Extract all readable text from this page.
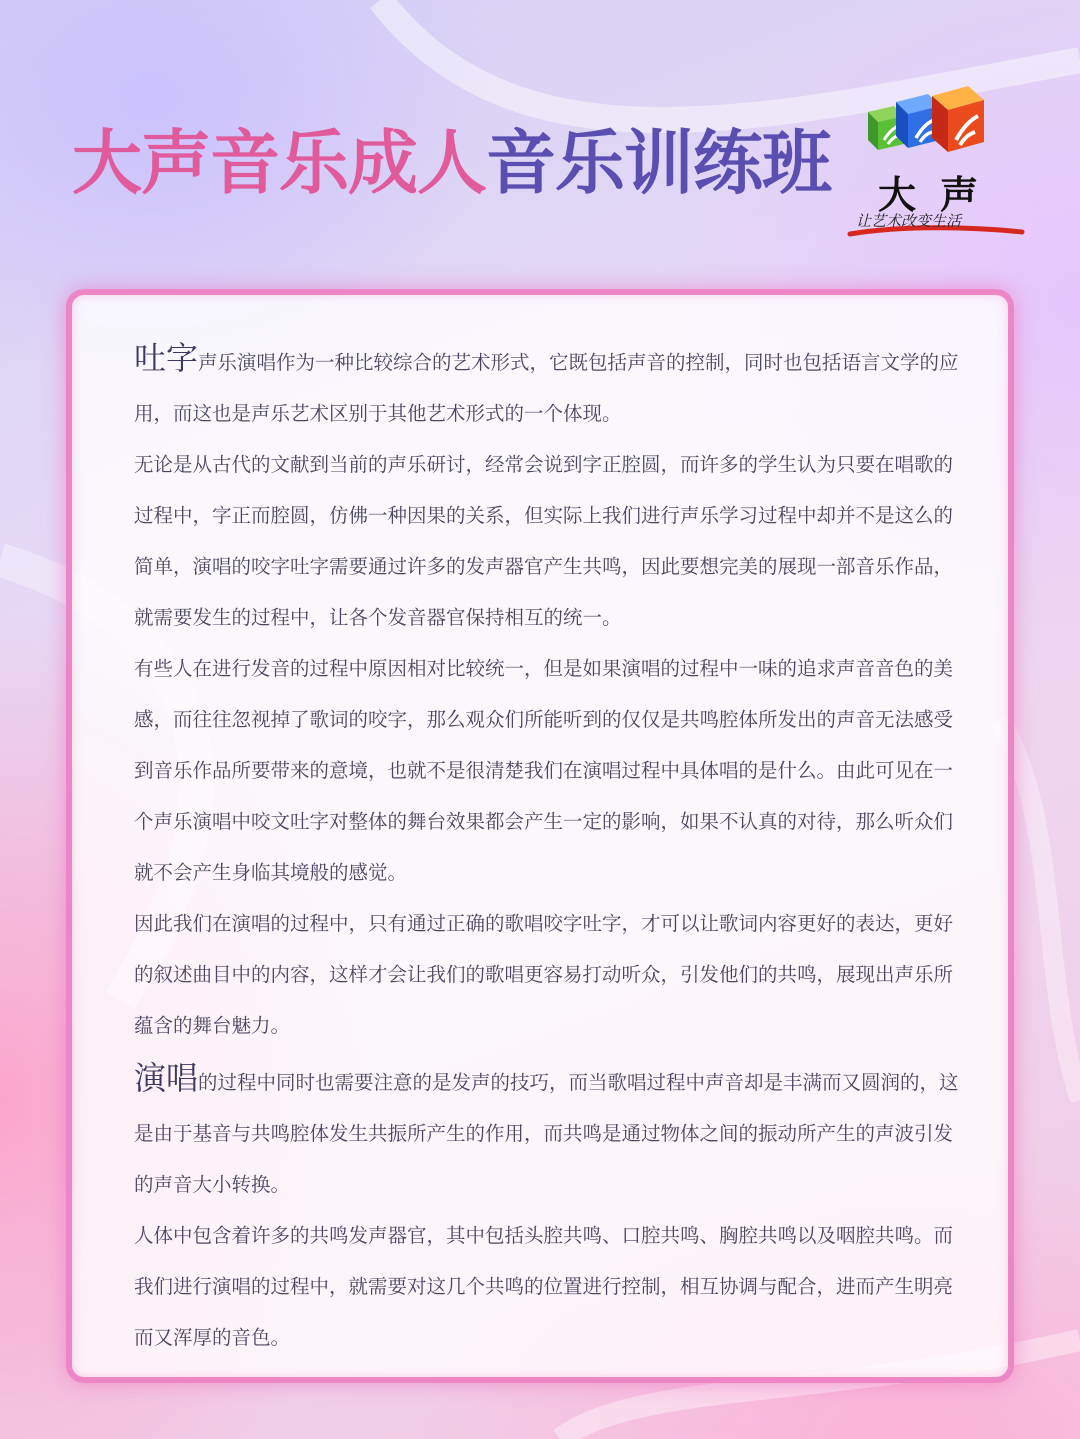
大声音乐成人音乐训练班 大声
让艺术改变生活

吐字声乐演唱作为一种比较综合的艺术形式，它既包括声音的控制，同时也包括语言文学的应用，而这也是声乐艺术区别于其他艺术形式的一个体现。

无论是从古代的文献到当前的声乐研讨，经常会说到字正腔圆，而许多的学生认为只要在唱歌的过程中，字正而腔圆，仿佛一种因果的关系，但实际上我们进行声乐学习过程中却并不是这么的简单，演唱的咬字吐字需要通过许多的发声器官产生共鸣，因此要想完美的展现一部音乐作品，就需要发生的过程中，让各个发音器官保持相互的统一。

有些人在进行发音的过程中原因相对比较统一，但是如果演唱的过程中一味的追求声音音色的美感，而往往忽视掉了歌词的咬字，那么观众们所能听到的仅仅是共鸣腔体所发出的声音无法感受到音乐作品所要带来的意境，也就不是很清楚我们在演唱过程中具体唱的是什么。由此可见在一个声乐演唱中咬文吐字对整体的舞台效果都会产生一定的影响，如果不认真的对待，那么听众们就不会产生身临其境般的感觉。

因此我们在演唱的过程中，只有通过正确的歌唱咬字吐字，才可以让歌词内容更好的表达，更好的叙述曲目中的内容，这样才会让我们的歌唱更容易打动听众，引发他们的共鸣，展现出声乐所蕴含的舞台魅力。

演唱的过程中同时也需要注意的是发声的技巧，而当歌唱过程中声音却是丰满而又圆润的，这是由于基音与共鸣腔体发生共振所产生的作用，而共鸣是通过物体之间的振动所产生的声波引发的声音大小转换。

人体中包含着许多的共鸣发声器官，其中包括头腔共鸣、口腔共鸣、胸腔共鸣以及咽腔共鸣。而我们进行演唱的过程中，就需要对这几个共鸣的位置进行控制，相互协调与配合，进而产生明亮而又浑厚的音色。
